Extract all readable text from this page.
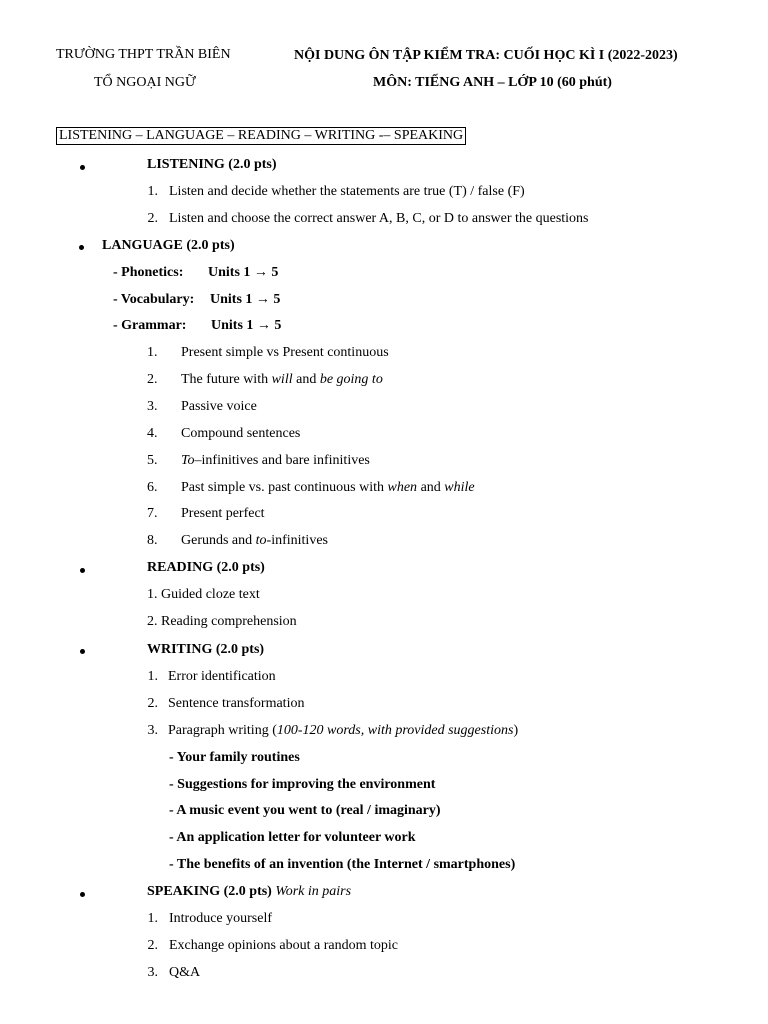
TRƯỜNG THPT TRẦN BIÊN
TỔ NGOẠI NGỮ
NỘI DUNG ÔN TẬP KIỂM TRA: CUỐI HỌC KÌ I (2022-2023)
MÔN: TIẾNG ANH – LỚP 10 (60 phút)
LISTENING – LANGUAGE – READING – WRITING -– SPEAKING
LISTENING (2.0 pts)
1. Listen and decide whether the statements are true (T) / false (F)
2. Listen and choose the correct answer A, B, C, or D to answer the questions
LANGUAGE (2.0 pts)
- Phonetics: Units 1 → 5
- Vocabulary: Units 1 → 5
- Grammar: Units 1 → 5
1.	Present simple vs Present continuous
2.	The future with will and be going to
3.	Passive voice
4.	Compound sentences
5.	To–infinitives and bare infinitives
6.	Past simple vs. past continuous with when and while
7.	Present perfect
8.	Gerunds and to-infinitives
READING (2.0 pts)
1. Guided cloze text
2. Reading comprehension
WRITING (2.0 pts)
1. Error identification
2. Sentence transformation
3. Paragraph writing (100-120 words, with provided suggestions)
- Your family routines
- Suggestions for improving the environment
- A music event you went to (real / imaginary)
- An application letter for volunteer work
- The benefits of an invention (the Internet / smartphones)
SPEAKING (2.0 pts) Work in pairs
1. Introduce yourself
2. Exchange opinions about a random topic
3. Q&A
